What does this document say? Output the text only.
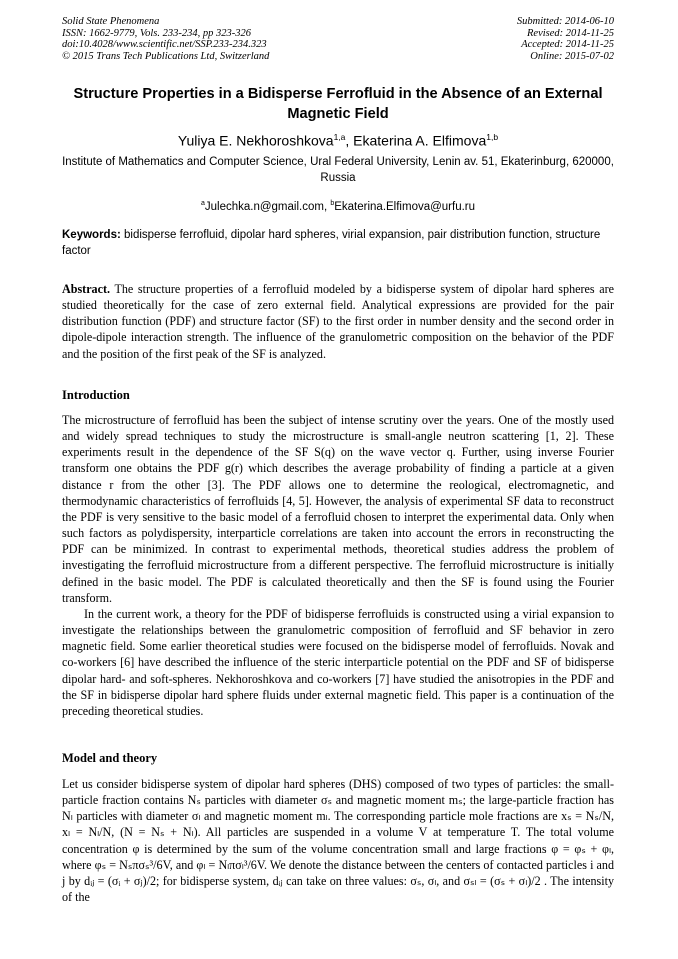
Solid State Phenomena
ISSN: 1662-9779, Vols. 233-234, pp 323-326
doi:10.4028/www.scientific.net/SSP.233-234.323
© 2015 Trans Tech Publications Ltd, Switzerland
Submitted: 2014-06-10
Revised: 2014-11-25
Accepted: 2014-11-25
Online: 2015-07-02
Structure Properties in a Bidisperse Ferrofluid in the Absence of an External Magnetic Field
Yuliya E. Nekhoroshkova$^{1,a}$, Ekaterina A. Elfimova$^{1,b}$
Institute of Mathematics and Computer Science, Ural Federal University, Lenin av. 51, Ekaterinburg, 620000, Russia
$^a$Julechka.n@gmail.com, $^b$Ekaterina.Elfimova@urfu.ru
Keywords: bidisperse ferrofluid, dipolar hard spheres, virial expansion, pair distribution function, structure factor

Abstract. The structure properties of a ferrofluid modeled by a bidisperse system of dipolar hard spheres are studied theoretically for the case of zero external field. Analytical expressions are provided for the pair distribution function (PDF) and structure factor (SF) to the first order in number density and the second order in dipole-dipole interaction strength. The influence of the granulometric composition on the behavior of the PDF and the position of the first peak of the SF is analyzed.

Introduction

The microstructure of ferrofluid has been the subject of intense scrutiny over the years. One of the mostly used and widely spread techniques to study the microstructure is small-angle neutron scattering [1, 2]. These experiments result in the dependence of the SF S(q) on the wave vector q. Further, using inverse Fourier transform one obtains the PDF g(r) which describes the average probability of finding a particle at a given distance r from the other [3]. The PDF allows one to determine the reological, electromagnetic, and thermodynamic characteristics of ferrofluids [4, 5]. However, the analysis of experimental SF data to reconstruct the PDF is very sensitive to the basic model of a ferrofluid chosen to interpret the experimental data. Only when such factors as polydispersity, interparticle correlations are taken into account the errors in reconstructing the PDF can be minimized. In contrast to experimental methods, theoretical studies address the problem of investigating the ferrofluid microstructure from a different perspective. The ferrofluid microstructure is initially defined in the basic model. The PDF is calculated theoretically and then the SF is found using the Fourier transform.

In the current work, a theory for the PDF of bidisperse ferrofluids is constructed using a virial expansion to investigate the relationships between the granulometric composition of ferrofluid and SF behavior in zero magnetic field. Some earlier theoretical studies were focused on the bidisperse model of ferrofluids. Novak and co-workers [6] have described the influence of the steric interparticle potential on the PDF and SF of bidisperse dipolar hard- and soft-spheres. Nekhoroshkova and co-workers [7] have studied the anisotropies in the PDF and the SF in bidisperse dipolar hard sphere fluids under external magnetic field. This paper is a continuation of the preceding theoretical studies.

Model and theory

Let us consider bidisperse system of dipolar hard spheres (DHS) composed of two types of particles: the small-particle fraction contains Nₛ particles with diameter σₛ and magnetic moment mₛ; the large-particle fraction has Nₗ particles with diameter σₗ and magnetic moment mₗ. The corresponding particle mole fractions are xₛ = Nₛ/N, xₗ = Nₗ/N, (N = Nₛ + Nₗ). All particles are suspended in a volume V at temperature T. The total volume concentration φ is determined by the sum of the volume concentration small and large fractions φ = φₛ + φₗ, where φₛ = Nₛπσₛ³/6V, and φₗ = Nₗπσₗ³/6V. We denote the distance between the centers of contacted particles i and j by dᵢⱼ = (σᵢ + σⱼ)/2; for bidisperse system, dᵢⱼ can take on three values: σₛ, σₗ, and σₛₗ = (σₛ + σₗ)/2 . The intensity of the
